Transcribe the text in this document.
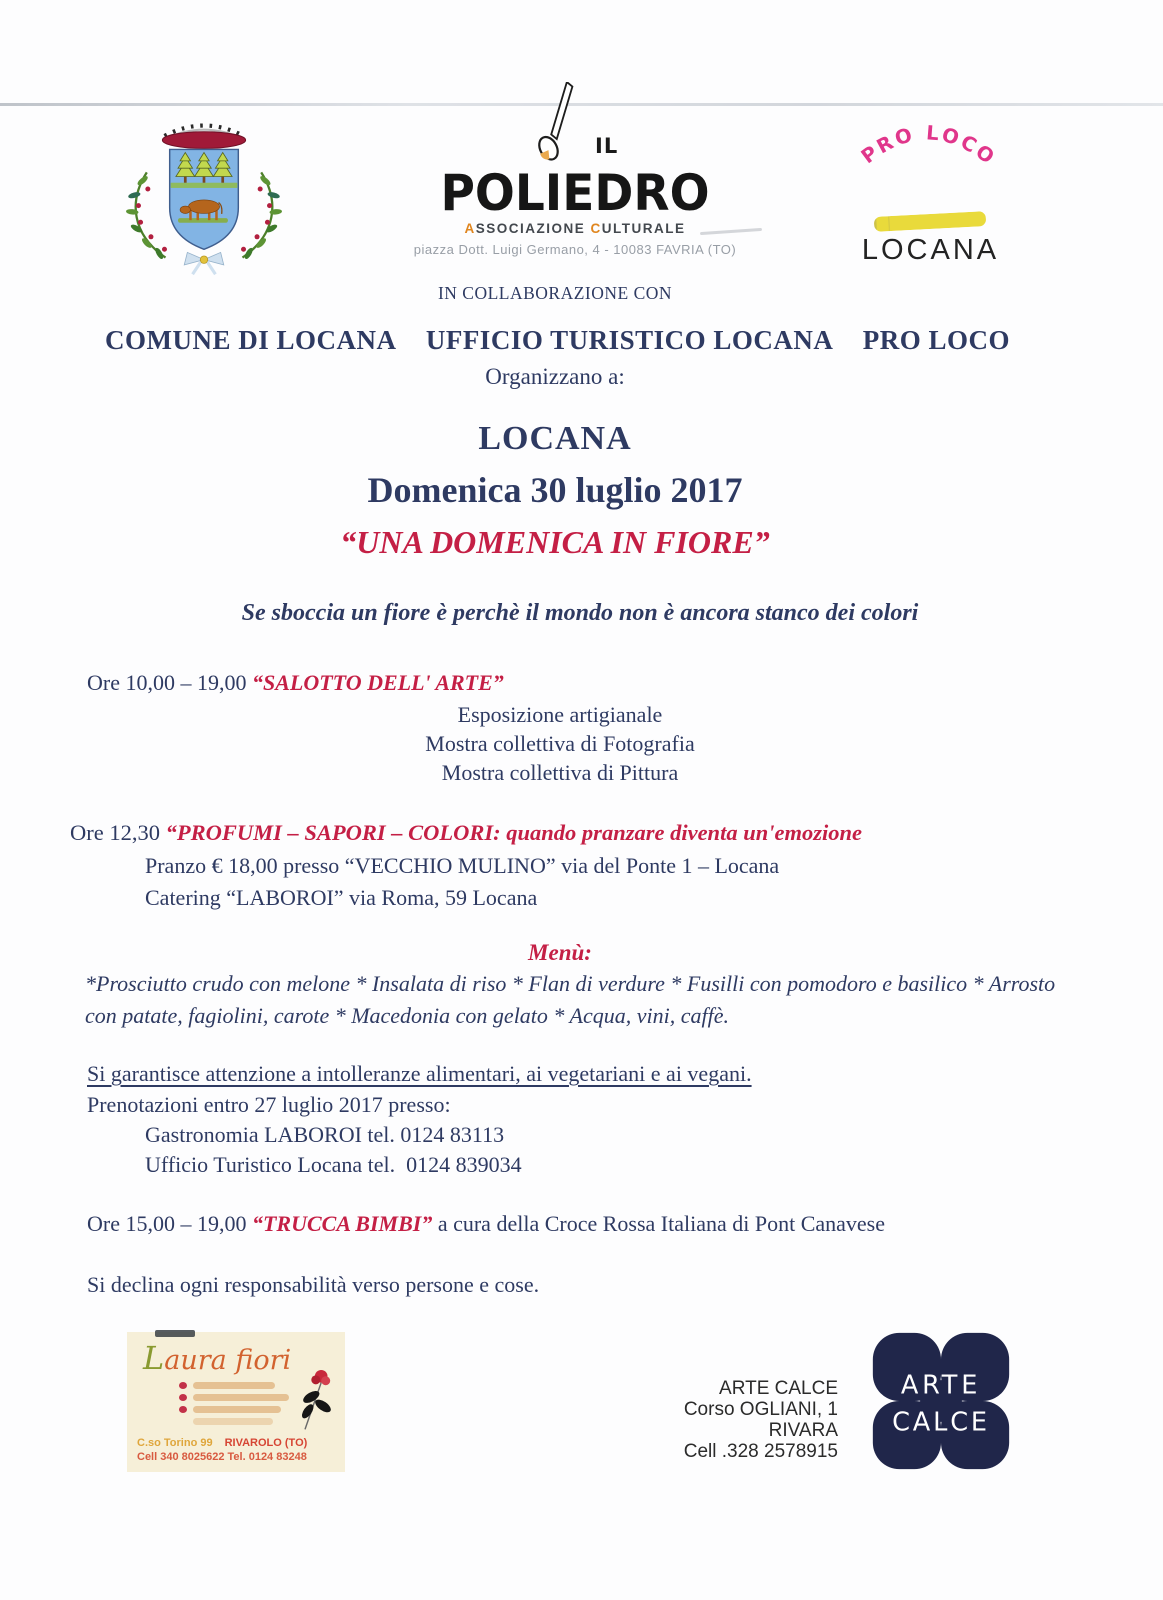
IL
POLIEDRO
ASSOCIAZIONE CULTURALE
piazza Dott. Luigi Germano, 4 - 10083 FAVRIA (TO)
PRO LOCO
LOCANA
IN COLLABORAZIONE CON
COMUNE DI LOCANA UFFICIO TURISTICO LOCANA PRO LOCO
Organizzano a:
LOCANA
Domenica 30 luglio 2017
“UNA DOMENICA IN FIORE”
Se sboccia un fiore è perchè il mondo non è ancora stanco dei colori
Ore 10,00 – 19,00 “SALOTTO DELL' ARTE”
Esposizione artigianale
Mostra collettiva di Fotografia
Mostra collettiva di Pittura
Ore 12,30 “PROFUMI – SAPORI – COLORI: quando pranzare diventa un'emozione
Pranzo € 18,00 presso “VECCHIO MULINO” via del Ponte 1 – Locana
Catering “LABOROI” via Roma, 59 Locana
Menù:
*Prosciutto crudo con melone * Insalata di riso * Flan di verdure * Fusilli con pomodoro e basilico * Arrosto con patate, fagiolini, carote * Macedonia con gelato * Acqua, vini, caffè.
Si garantisce attenzione a intolleranze alimentari, ai vegetariani e ai vegani.
Prenotazioni entro 27 luglio 2017 presso:
Gastronomia LABOROI tel. 0124 83113
Ufficio Turistico Locana tel.  0124 839034
Ore 15,00 – 19,00 “TRUCCA BIMBI” a cura della Croce Rossa Italiana di Pont Canavese
Si declina ogni responsabilità verso persone e cose.
Laura fiori
C.so Torino 99 RIVAROLO (TO)
Cell 340 8025622 Tel. 0124 83248
ARTE CALCE
Corso OGLIANI, 1
RIVARA
Cell .328 2578915
ARTE
CALCE
